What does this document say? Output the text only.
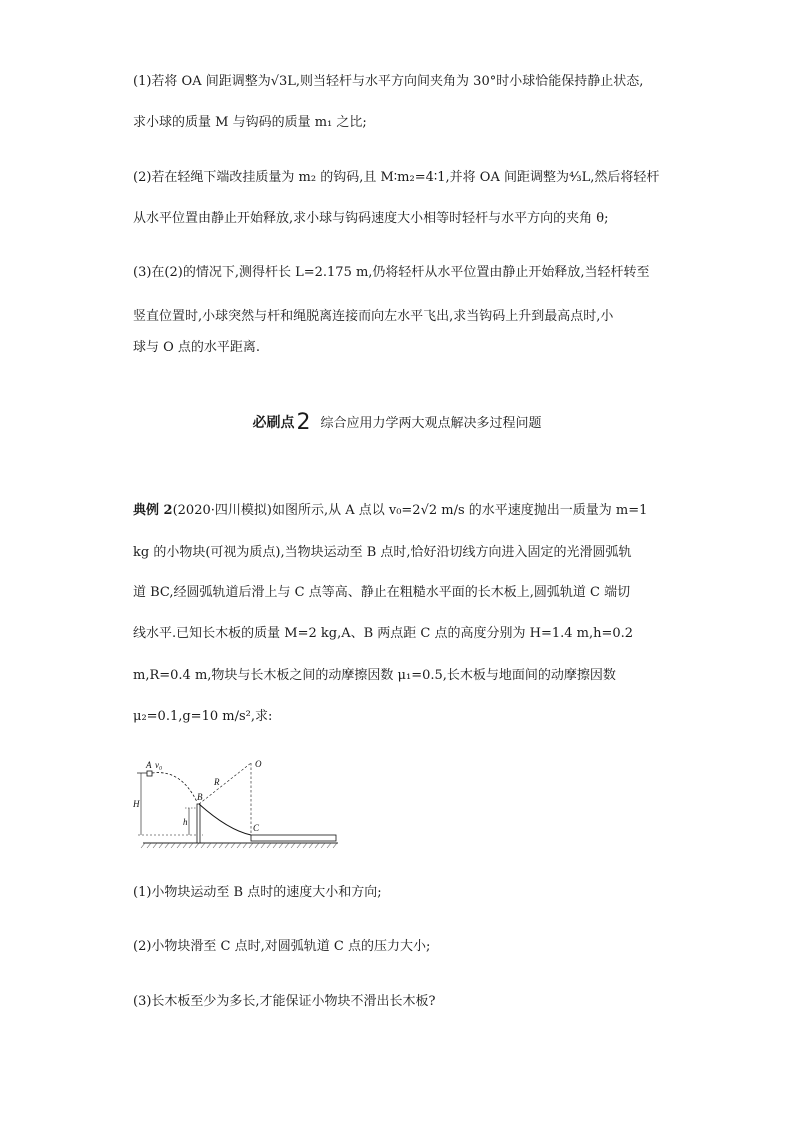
(1)若将 OA 间距调整为√3L,则当轻杆与水平方向间夹角为 30°时小球恰能保持静止状态,
求小球的质量 M 与钩码的质量 m₁ 之比;
(2)若在轻绳下端改挂质量为 m₂ 的钩码,且 M∶m₂=4∶1,并将 OA 间距调整为⁴⁄₃L,然后将轻杆
从水平位置由静止开始释放,求小球与钩码速度大小相等时轻杆与水平方向的夹角 θ;
(3)在(2)的情况下,测得杆长 L=2.175 m,仍将轻杆从水平位置由静止开始释放,当轻杆转至
竖直位置时,小球突然与杆和绳脱离连接而向左水平飞出,求当钩码上升到最高点时,小
球与 O 点的水平距离.
必刷点2 综合应用力学两大观点解决多过程问题
典例 2(2020·四川模拟)如图所示,从 A 点以 v₀=2√2 m/s 的水平速度抛出一质量为 m=1
kg 的小物块(可视为质点),当物块运动至 B 点时,恰好沿切线方向进入固定的光滑圆弧轨
道 BC,经圆弧轨道后滑上与 C 点等高、静止在粗糙水平面的长木板上,圆弧轨道 C 端切
线水平.已知长木板的质量 M=2 kg,A、B 两点距 C 点的高度分别为 H=1.4 m,h=0.2
m,R=0.4 m,物块与长木板之间的动摩擦因数 μ₁=0.5,长木板与地面间的动摩擦因数
μ₂=0.1,g=10 m/s²,求:
A v₀
R
O
B
H
h
C
(1)小物块运动至 B 点时的速度大小和方向;
(2)小物块滑至 C 点时,对圆弧轨道 C 点的压力大小;
(3)长木板至少为多长,才能保证小物块不滑出长木板?
